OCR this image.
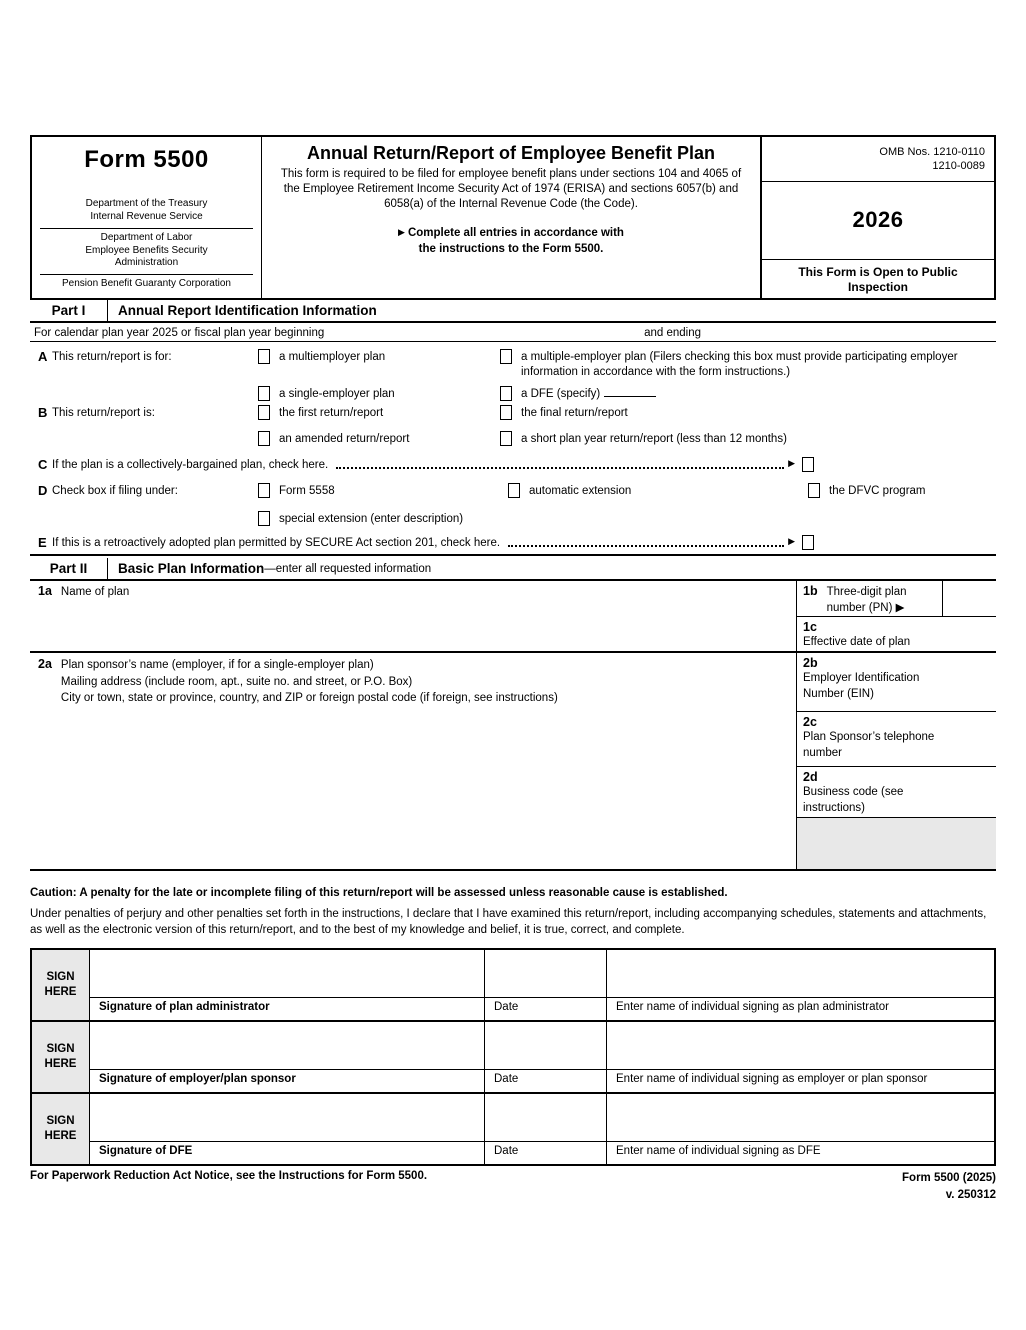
Form 5500
Department of the Treasury
Internal Revenue Service
Department of Labor
Employee Benefits Security
Administration
Pension Benefit Guaranty Corporation
Annual Return/Report of Employee Benefit Plan
This form is required to be filed for employee benefit plans under sections 104 and 4065 of the Employee Retirement Income Security Act of 1974 (ERISA) and sections 6057(b) and 6058(a) of the Internal Revenue Code (the Code).
▶ Complete all entries in accordance with
the instructions to the Form 5500.
OMB Nos. 1210-0110
1210-0089
2026
This Form is Open to Public
Inspection
Part I	Annual Report Identification Information
For calendar plan year 2025 or fiscal plan year beginning	and ending
A This return/report is for:	a multiemployer plan	a multiple-employer plan (Filers checking this box must provide participating employer information in accordance with the form instructions.)
a single-employer plan	a DFE (specify)
B This return/report is:	the first return/report	the final return/report
an amended return/report	a short plan year return/report (less than 12 months)
C If the plan is a collectively-bargained plan, check here.	▶
D Check box if filing under:	Form 5558	automatic extension	the DFVC program
special extension (enter description)
E If this is a retroactively adopted plan permitted by SECURE Act section 201, check here.	▶
Part II	Basic Plan Information —enter all requested information
1a Name of plan	1b Three-digit plan number (PN) ▶
1c
Effective date of plan
2a Plan sponsor’s name (employer, if for a single-employer plan)
Mailing address (include room, apt., suite no. and street, or P.O. Box)
City or town, state or province, country, and ZIP or foreign postal code (if foreign, see instructions)
2b
Employer Identification Number (EIN)
2c
Plan Sponsor’s telephone number
2d
Business code (see instructions)
Caution: A penalty for the late or incomplete filing of this return/report will be assessed unless reasonable cause is established.
Under penalties of perjury and other penalties set forth in the instructions, I declare that I have examined this return/report, including accompanying schedules, statements and attachments, as well as the electronic version of this return/report, and to the best of my knowledge and belief, it is true, correct, and complete.
SIGN HERE
Signature of plan administrator	Date	Enter name of individual signing as plan administrator
SIGN HERE
Signature of employer/plan sponsor	Date	Enter name of individual signing as employer or plan sponsor
SIGN HERE
Signature of DFE	Date	Enter name of individual signing as DFE
For Paperwork Reduction Act Notice, see the Instructions for Form 5500.	Form 5500 (2025)
v. 250312
